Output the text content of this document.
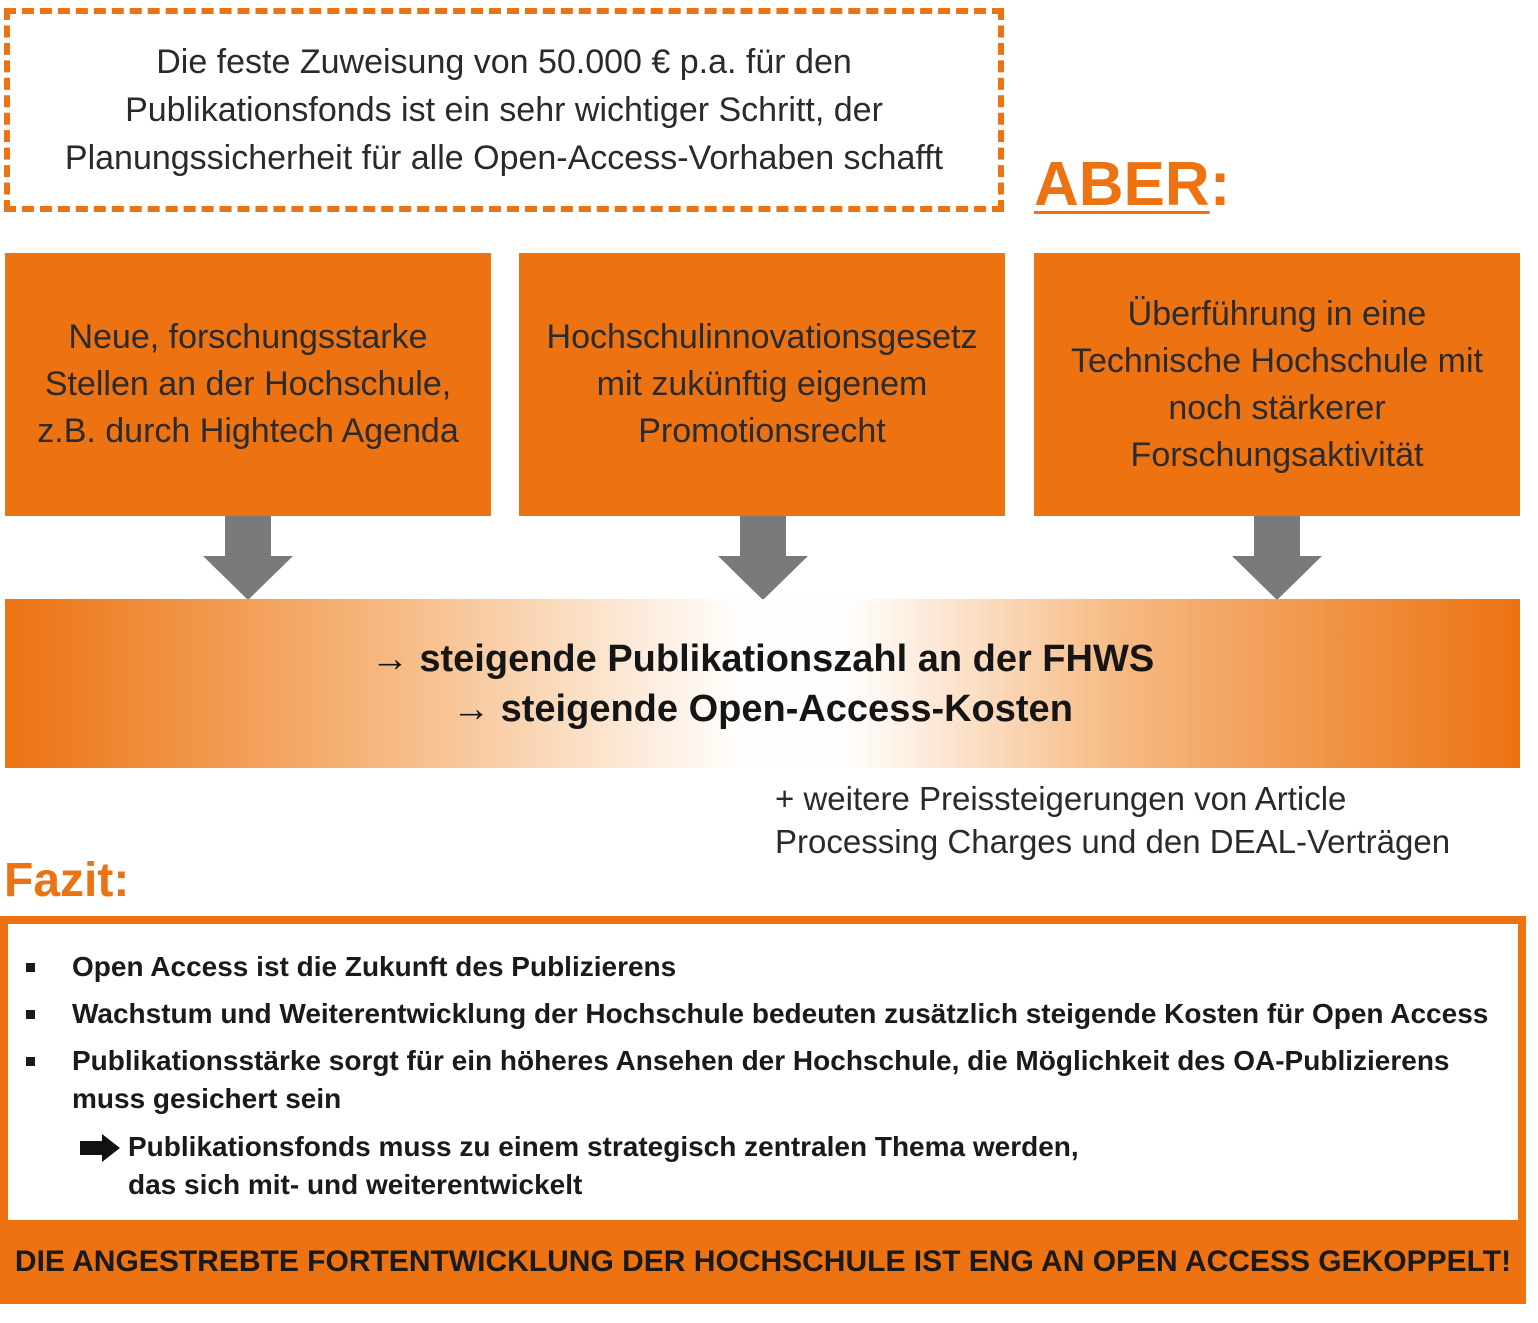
Die feste Zuweisung von 50.000 € p.a. für den
Publikationsfonds ist ein sehr wichtiger Schritt, der
Planungssicherheit für alle Open-Access-Vorhaben schafft	ABER:
Neue, forschungsstarke
Stellen an der Hochschule,
z.B. durch Hightech Agenda
Hochschulinnovationsgesetz
mit zukünftig eigenem
Promotionsrecht
Überführung in eine
Technische Hochschule mit
noch stärkerer
Forschungsaktivität
→ steigende Publikationszahl an der FHWS
→ steigende Open-Access-Kosten
+ weitere Preissteigerungen von Article
Processing Charges und den DEAL-Verträgen
Fazit:
Open Access ist die Zukunft des Publizierens
Wachstum und Weiterentwicklung der Hochschule bedeuten zusätzlich steigende Kosten für Open Access
Publikationsstärke sorgt für ein höheres Ansehen der Hochschule, die Möglichkeit des OA-Publizierens muss gesichert sein
Publikationsfonds muss zu einem strategisch zentralen Thema werden,
das sich mit- und weiterentwickelt
DIE ANGESTREBTE FORTENTWICKLUNG DER HOCHSCHULE IST ENG AN OPEN ACCESS GEKOPPELT!
